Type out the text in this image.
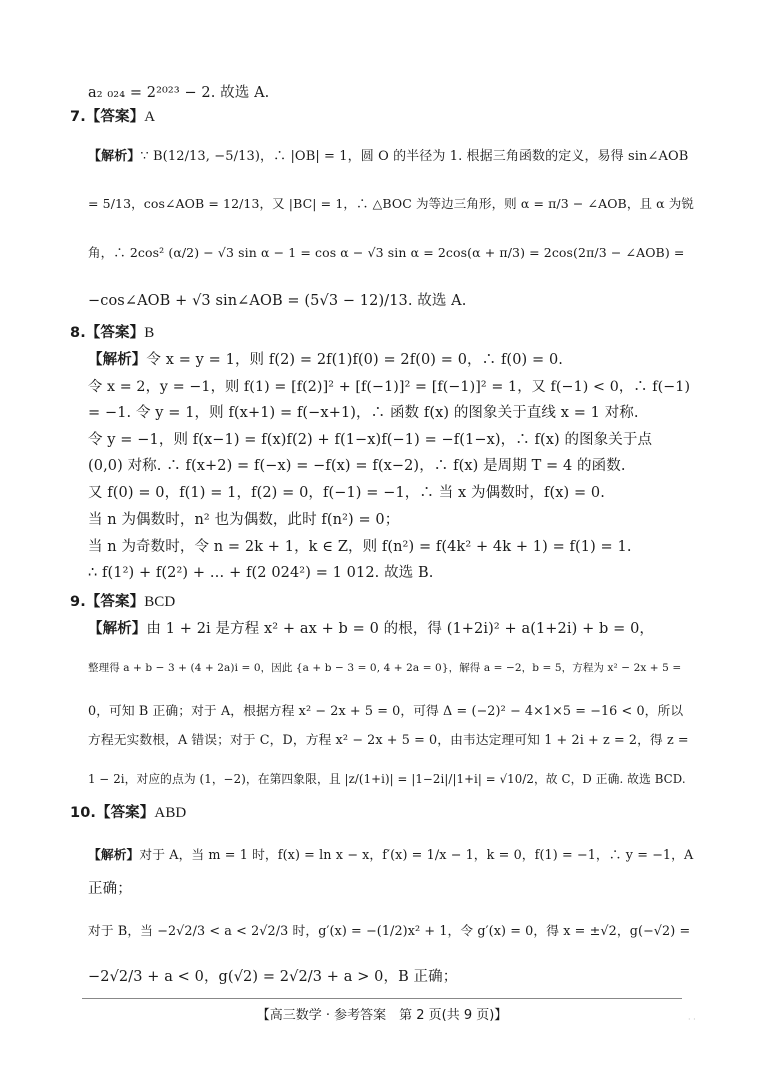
a₂ ₀₂₄ = 2²⁰²³ − 2. 故选 A.
7.【答案】A
【解析】∵ B(12/13, −5/13)，∴ |OB| = 1，圆 O 的半径为 1. 根据三角函数的定义，易得 sin∠AOB
= 5/13，cos∠AOB = 12/13，又 |BC| = 1，∴ △BOC 为等边三角形，则 α = π/3 − ∠AOB，且 α 为锐
角，∴ 2cos² (α/2) − √3 sin α − 1 = cos α − √3 sin α = 2cos(α + π/3) = 2cos(2π/3 − ∠AOB) =
−cos∠AOB + √3 sin∠AOB = (5√3 − 12)/13. 故选 A.
8.【答案】B
【解析】令 x = y = 1，则 f(2) = 2f(1)f(0) = 2f(0) = 0，∴ f(0) = 0.
令 x = 2，y = −1，则 f(1) = [f(2)]² + [f(−1)]² = [f(−1)]² = 1，又 f(−1) < 0，∴ f(−1)
= −1. 令 y = 1，则 f(x+1) = f(−x+1)，∴ 函数 f(x) 的图象关于直线 x = 1 对称.
令 y = −1，则 f(x−1) = f(x)f(2) + f(1−x)f(−1) = −f(1−x)，∴ f(x) 的图象关于点
(0,0) 对称. ∴ f(x+2) = f(−x) = −f(x) = f(x−2)，∴ f(x) 是周期 T = 4 的函数.
又 f(0) = 0，f(1) = 1，f(2) = 0，f(−1) = −1，∴ 当 x 为偶数时，f(x) = 0.
当 n 为偶数时，n² 也为偶数，此时 f(n²) = 0；
当 n 为奇数时，令 n = 2k + 1，k ∈ Z，则 f(n²) = f(4k² + 4k + 1) = f(1) = 1.
∴ f(1²) + f(2²) + … + f(2 024²) = 1 012. 故选 B.
9.【答案】BCD
【解析】由 1 + 2i 是方程 x² + ax + b = 0 的根，得 (1+2i)² + a(1+2i) + b = 0，
整理得 a + b − 3 + (4 + 2a)i = 0，因此 {a + b − 3 = 0, 4 + 2a = 0}，解得 a = −2，b = 5，方程为 x² − 2x + 5 =
0，可知 B 正确；对于 A，根据方程 x² − 2x + 5 = 0，可得 Δ = (−2)² − 4×1×5 = −16 < 0，所以
方程无实数根，A 错误；对于 C，D，方程 x² − 2x + 5 = 0，由韦达定理可知 1 + 2i + z = 2，得 z =
1 − 2i，对应的点为 (1，−2)，在第四象限，且 |z/(1+i)| = |1−2i|/|1+i| = √10/2，故 C，D 正确. 故选 BCD.
10.【答案】ABD
【解析】对于 A，当 m = 1 时，f(x) = ln x − x，f′(x) = 1/x − 1，k = 0，f(1) = −1，∴ y = −1，A
正确；
对于 B，当 −2√2/3 < a < 2√2/3 时，g′(x) = −(1/2)x² + 1，令 g′(x) = 0，得 x = ±√2，g(−√2) =
−2√2/3 + a < 0，g(√2) = 2√2/3 + a > 0，B 正确；
【高三数学 · 参考答案　第 2 页(共 9 页)】	· ·
